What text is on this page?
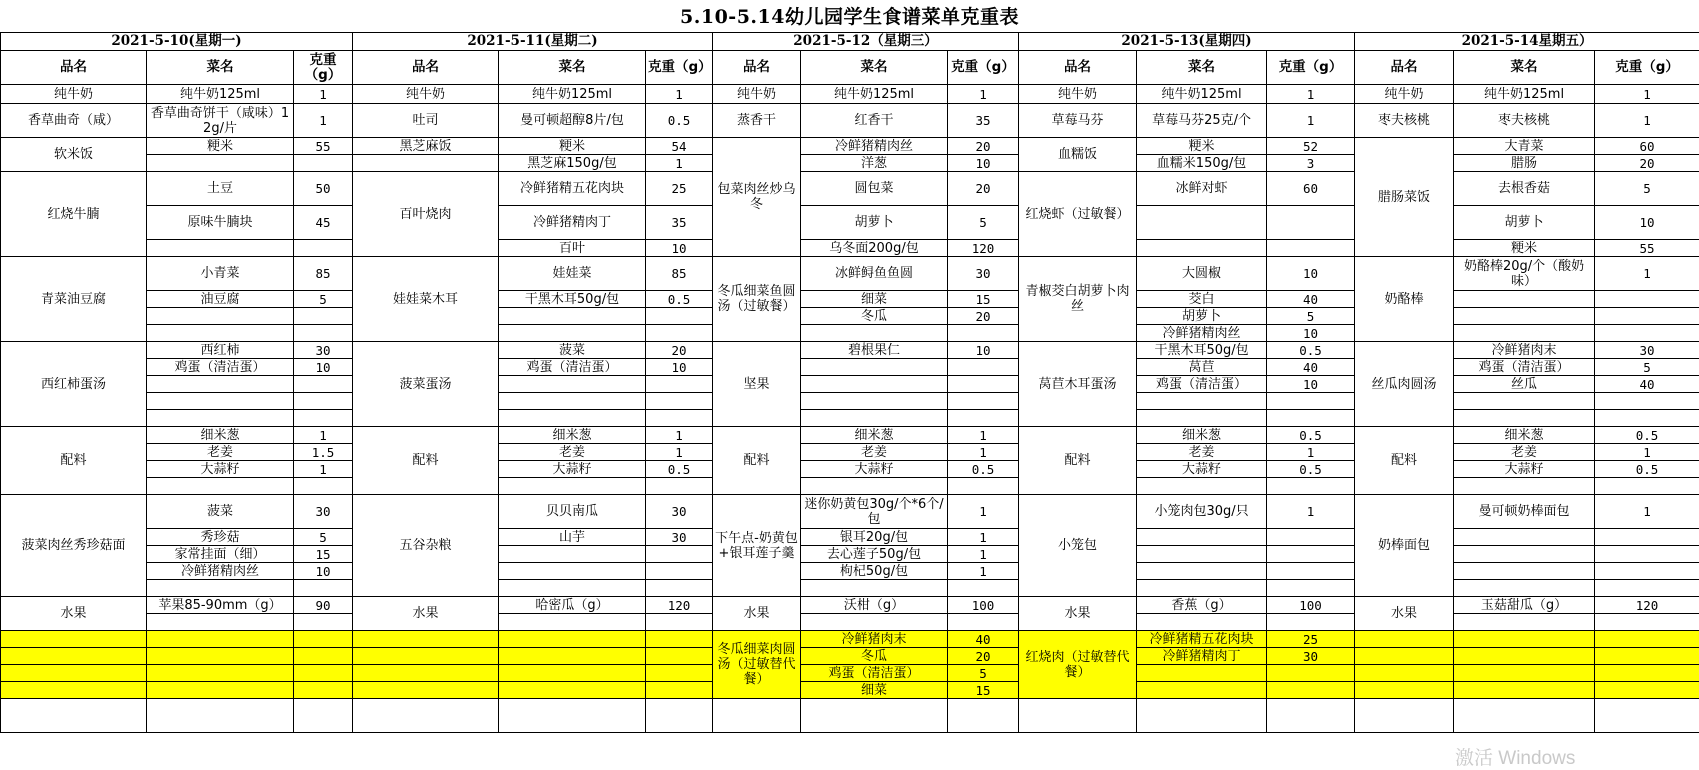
5.10-5.14幼儿园学生食谱菜单克重表
2021-5-10(星期一)			2021-5-11(星期二)			2021-5-12（星期三）			2021-5-13(星期四)			2021-5-14星期五）		
品名	菜名	克重（g）	品名	菜名	克重（g）	品名	菜名	克重（g）	品名	菜名	克重（g）	品名	菜名	克重（g）
纯牛奶	纯牛奶125ml	1	纯牛奶	纯牛奶125ml	1	纯牛奶	纯牛奶125ml	1	纯牛奶	纯牛奶125ml	1	纯牛奶	纯牛奶125ml	1
香草曲奇（咸）	香草曲奇饼干（咸味）12g/片	1	吐司	曼可顿超醇8片/包	0.5	蒸香干	红香干	35	草莓马芬	草莓马芬25克/个	1	枣夫核桃	枣夫核桃	1
软米饭	粳米	55	黑芝麻饭	粳米	54	包菜肉丝炒乌冬	冷鲜猪精肉丝	20	血糯饭	粳米	52	腊肠菜饭	大青菜	60
				黑芝麻150g/包	1		洋葱	10		血糯米150g/包	3		腊肠	20
红烧牛腩	土豆	50	百叶烧肉	冷鲜猪精五花肉块	25		圆包菜	20	红烧虾（过敏餐）	冰鲜对虾	60		去根香菇	5
	原味牛腩块	45		冷鲜猪精肉丁	35		胡萝卜	5					胡萝卜	10
				百叶	10		乌冬面200g/包	120					粳米	55
青菜油豆腐	小青菜	85	娃娃菜木耳	娃娃菜	85	冬瓜细菜鱼圆汤（过敏餐）	冰鲜鲟鱼鱼圆	30	青椒茭白胡萝卜肉丝	大圆椒	10	奶酪棒	奶酪棒20g/个（酸奶味）	1
	油豆腐	5		干黑木耳50g/包	0.5		细菜	15		茭白	40			
							冬瓜	20		胡萝卜	5			
										冷鲜猪精肉丝	10			
西红柿蛋汤	西红柿	30	菠菜蛋汤	菠菜	20	坚果	碧根果仁	10	莴苣木耳蛋汤	干黑木耳50g/包	0.5	丝瓜肉圆汤	冷鲜猪肉末	30
	鸡蛋（清洁蛋）	10		鸡蛋（清洁蛋）	10					莴苣	40		鸡蛋（清洁蛋）	5
										鸡蛋（清洁蛋）	10		丝瓜	40

配料	细米葱	1	配料	细米葱	1	配料	细米葱	1	配料	细米葱	0.5	配料	细米葱	0.5
	老姜	1.5		老姜	1		老姜	1		老姜	1		老姜	1
	大蒜籽	1		大蒜籽	0.5		大蒜籽	0.5		大蒜籽	0.5		大蒜籽	0.5

菠菜肉丝秀珍菇面	菠菜	30	五谷杂粮	贝贝南瓜	30	下午点-奶黄包+银耳莲子羹	迷你奶黄包30g/个*6个/包	1	小笼包	小笼肉包30g/只	1	奶棒面包	曼可顿奶棒面包	1
	秀珍菇	5		山芋	30		银耳20g/包	1						
	家常挂面（细）	15					去心莲子50g/包	1						
	冷鲜猪精肉丝	10					枸杞50g/包	1						

水果	苹果85-90mm（g）	90	水果	哈密瓜（g）	120	水果	沃柑（g）	100	水果	香蕉（g）	100	水果	玉菇甜瓜（g）	120

						冬瓜细菜肉圆汤（过敏替代餐）	冷鲜猪肉末	40	红烧肉（过敏替代餐）	冷鲜猪精五花肉块	25			
							冬瓜	20		冷鲜猪精肉丁	30			
							鸡蛋（清洁蛋）	5						
							细菜	15						

激活 Windows
